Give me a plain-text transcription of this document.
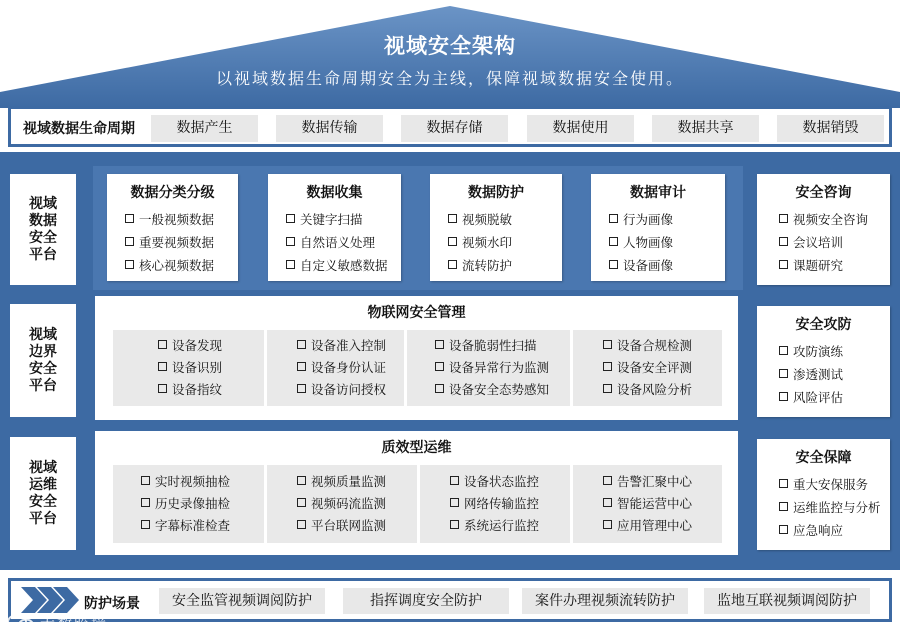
视域安全架构
以视域数据生命周期安全为主线，保障视域数据安全使用。
视域数据生命周期	数据产生	数据传输	数据存储	数据使用	数据共享	数据销毁
视域数据安全平台
视域边界安全平台
视域运维安全平台
数据分类分级
一般视频数据
重要视频数据
核心视频数据
数据收集
关键字扫描
自然语义处理
自定义敏感数据
数据防护
视频脱敏
视频水印
流转防护
数据审计
行为画像
人物画像
设备画像
物联网安全管理
设备发现
设备识别
设备指纹
设备准入控制
设备身份认证
设备访问授权
设备脆弱性扫描
设备异常行为监测
设备安全态势感知
设备合规检测
设备安全评测
设备风险分析
质效型运维
实时视频抽检
历史录像抽检
字幕标准检查
视频质量监测
视频码流监测
平台联网监测
设备状态监控
网络传输监控
系统运行监控
告警汇聚中心
智能运营中心
应用管理中心
安全咨询
视频安全咨询
会议培训
课题研究
安全攻防
攻防演练
渗透测试
风险评估
安全保障
重大安保服务
运维监控与分析
应急响应
防护场景	安全监管视频调阅防护	指挥调度安全防护	案件办理视频流转防护	监地互联视频调阅防护
大数跨境
